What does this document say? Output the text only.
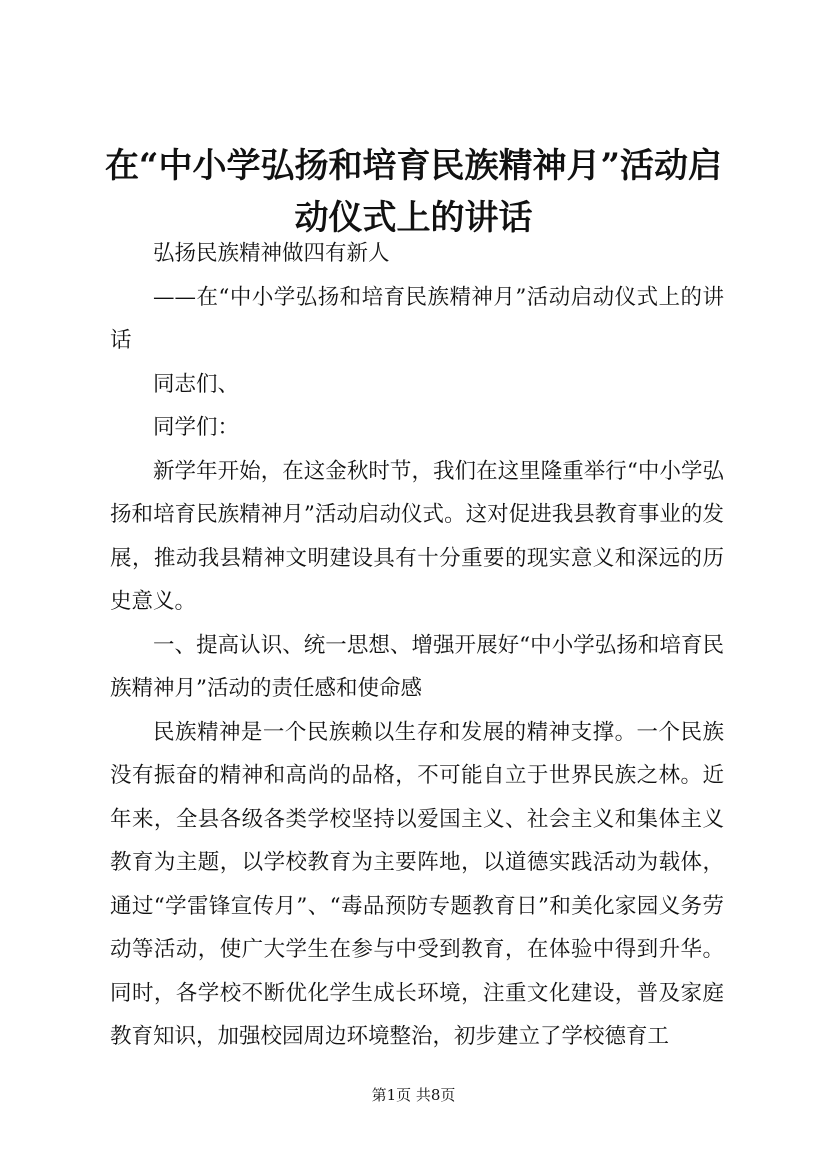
在“中小学弘扬和培育民族精神月”活动启动仪式上的讲话

弘扬民族精神做四有新人

——在“中小学弘扬和培育民族精神月”活动启动仪式上的讲话

同志们、

同学们：

新学年开始，在这金秋时节，我们在这里隆重举行“中小学弘扬和培育民族精神月”活动启动仪式。这对促进我县教育事业的发展，推动我县精神文明建设具有十分重要的现实意义和深远的历史意义。

一、提高认识、统一思想、增强开展好“中小学弘扬和培育民族精神月”活动的责任感和使命感

民族精神是一个民族赖以生存和发展的精神支撑。一个民族没有振奋的精神和高尚的品格，不可能自立于世界民族之林。近年来，全县各级各类学校坚持以爱国主义、社会主义和集体主义教育为主题，以学校教育为主要阵地，以道德实践活动为载体，通过“学雷锋宣传月”、“毒品预防专题教育日”和美化家园义务劳动等活动，使广大学生在参与中受到教育，在体验中得到升华。同时，各学校不断优化学生成长环境，注重文化建设，普及家庭教育知识，加强校园周边环境整治，初步建立了学校德育工

第1页 共8页
